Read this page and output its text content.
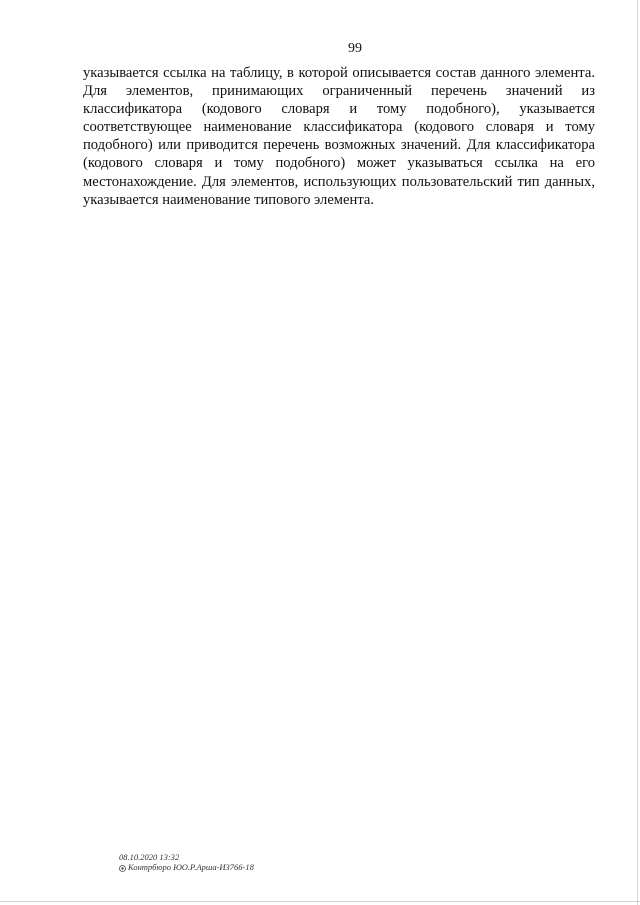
99
указывается ссылка на таблицу, в которой описывается состав данного элемента.
Для элементов, принимающих ограниченный перечень значений из
классификатора (кодового словаря и тому подобного), указывается
соответствующее наименование классификатора (кодового словаря и тому
подобного) или приводится перечень возможных значений. Для классификатора
(кодового словаря и тому подобного) может указываться ссылка на его
местонахождение. Для элементов, использующих пользовательский тип данных,
указывается наименование типового элемента.
08.10.2020 13:32
Контрбюро ЮО.Р.Арша-И3766-18
